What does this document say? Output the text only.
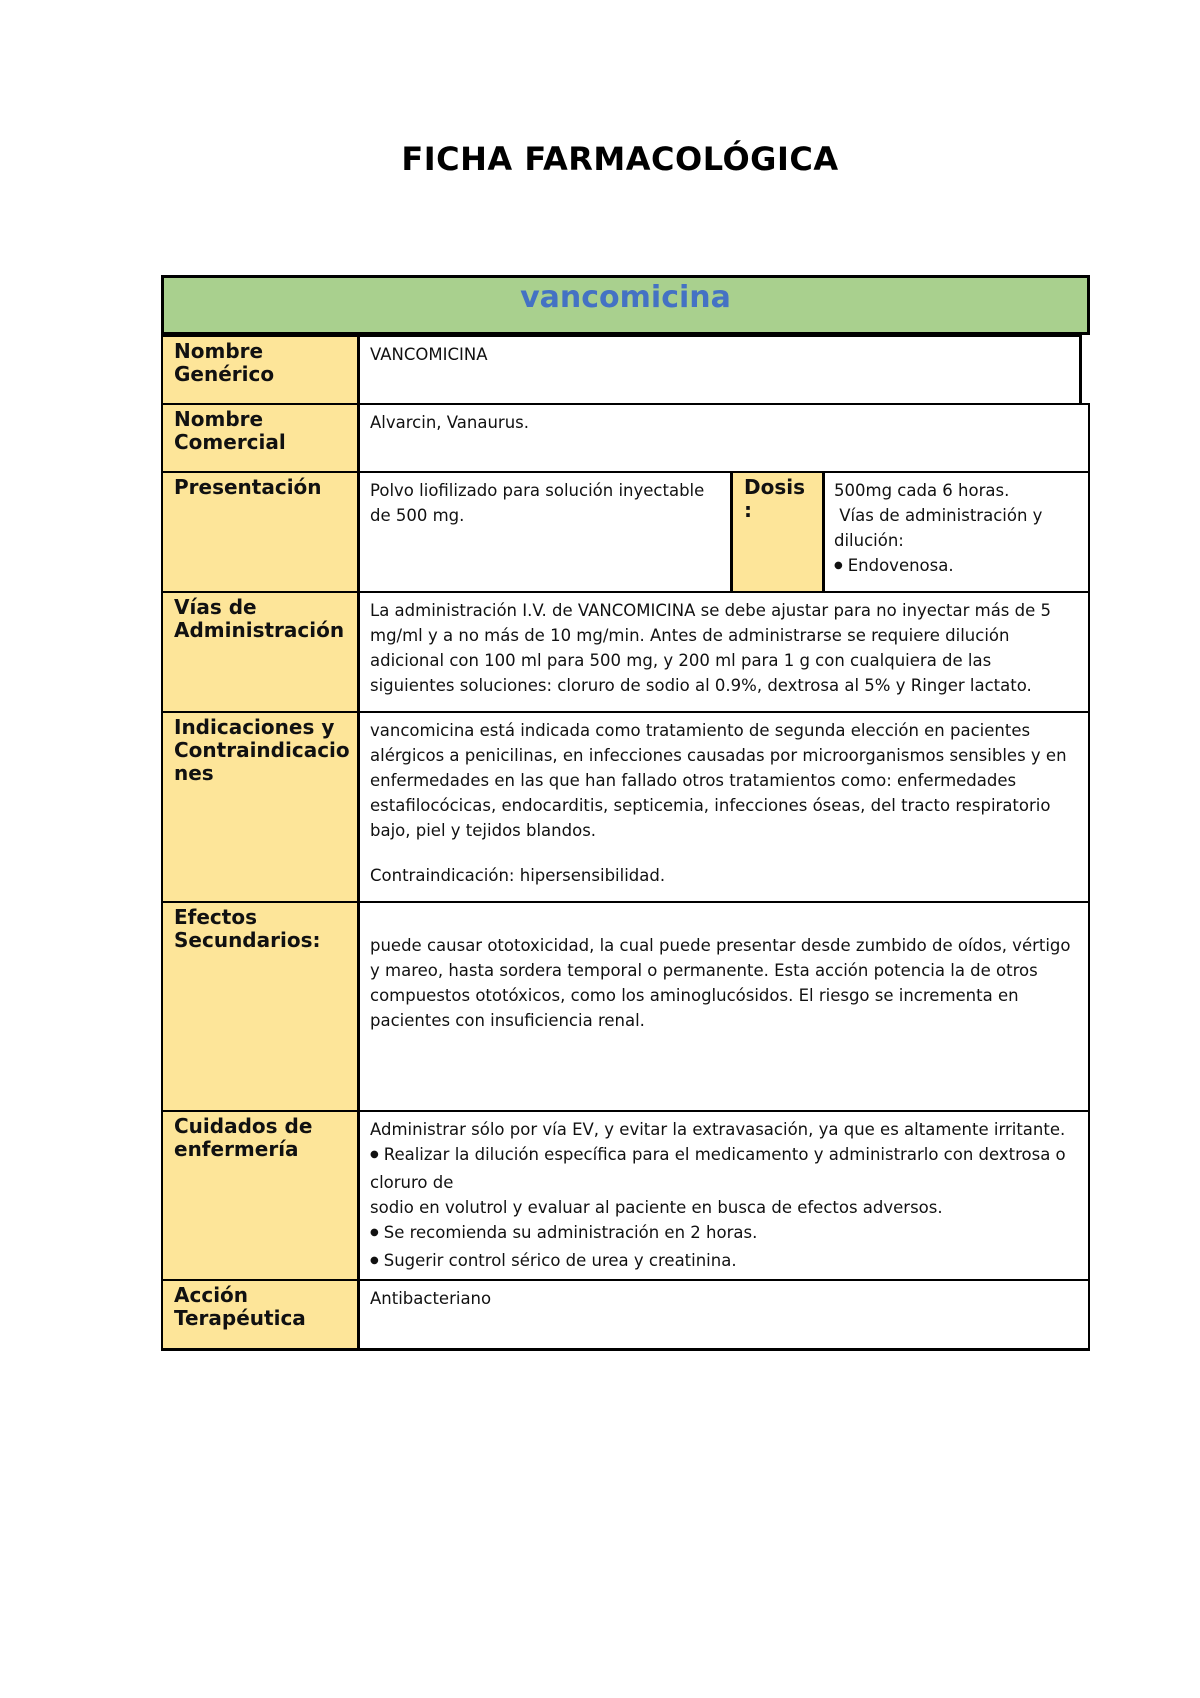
FICHA FARMACOLÓGICA
vancomicina
Nombre Genérico
VANCOMICINA
Nombre Comercial
Alvarcin, Vanaurus.
Presentación	Polvo liofilizado para solución inyectable de 500 mg.
Dosis :

500mg cada 6 horas.

Vías de administración y dilución:

● Endovenosa.

Vías de Administración
La administración I.V. de VANCOMICINA se debe ajustar para no inyectar más de 5 mg/ml y a no más de 10 mg/min. Antes de administrarse se requiere dilución adicional con 100 ml para 500 mg, y 200 ml para 1 g con cualquiera de las siguientes soluciones: cloruro de sodio al 0.9%, dextrosa al 5% y Ringer lactato.
Indicaciones y Contraindicaciones

vancomicina está indicada como tratamiento de segunda elección en pacientes alérgicos a penicilinas, en infecciones causadas por microorganismos sensibles y en enfermedades en las que han fallado otros tratamientos como: enfermedades estafilocócicas, endocarditis, septicemia, infecciones óseas, del tracto respiratorio bajo, piel y tejidos blandos.

Contraindicación: hipersensibilidad.

Efectos Secundarios:	puede causar ototoxicidad, la cual puede presentar desde zumbido de oídos, vértigo y mareo, hasta sordera temporal o permanente. Esta acción potencia la de otros compuestos ototóxicos, como los aminoglucósidos. El riesgo se incrementa en pacientes con insuficiencia renal.

Cuidados de enfermería

Administrar sólo por vía EV, y evitar la extravasación, ya que es altamente irritante.

● Realizar la dilución específica para el medicamento y administrarlo con dextrosa o cloruro de

sodio en volutrol y evaluar al paciente en busca de efectos adversos.

● Se recomienda su administración en 2 horas.

● Sugerir control sérico de urea y creatinina.

Acción Terapéutica
Antibacteriano
